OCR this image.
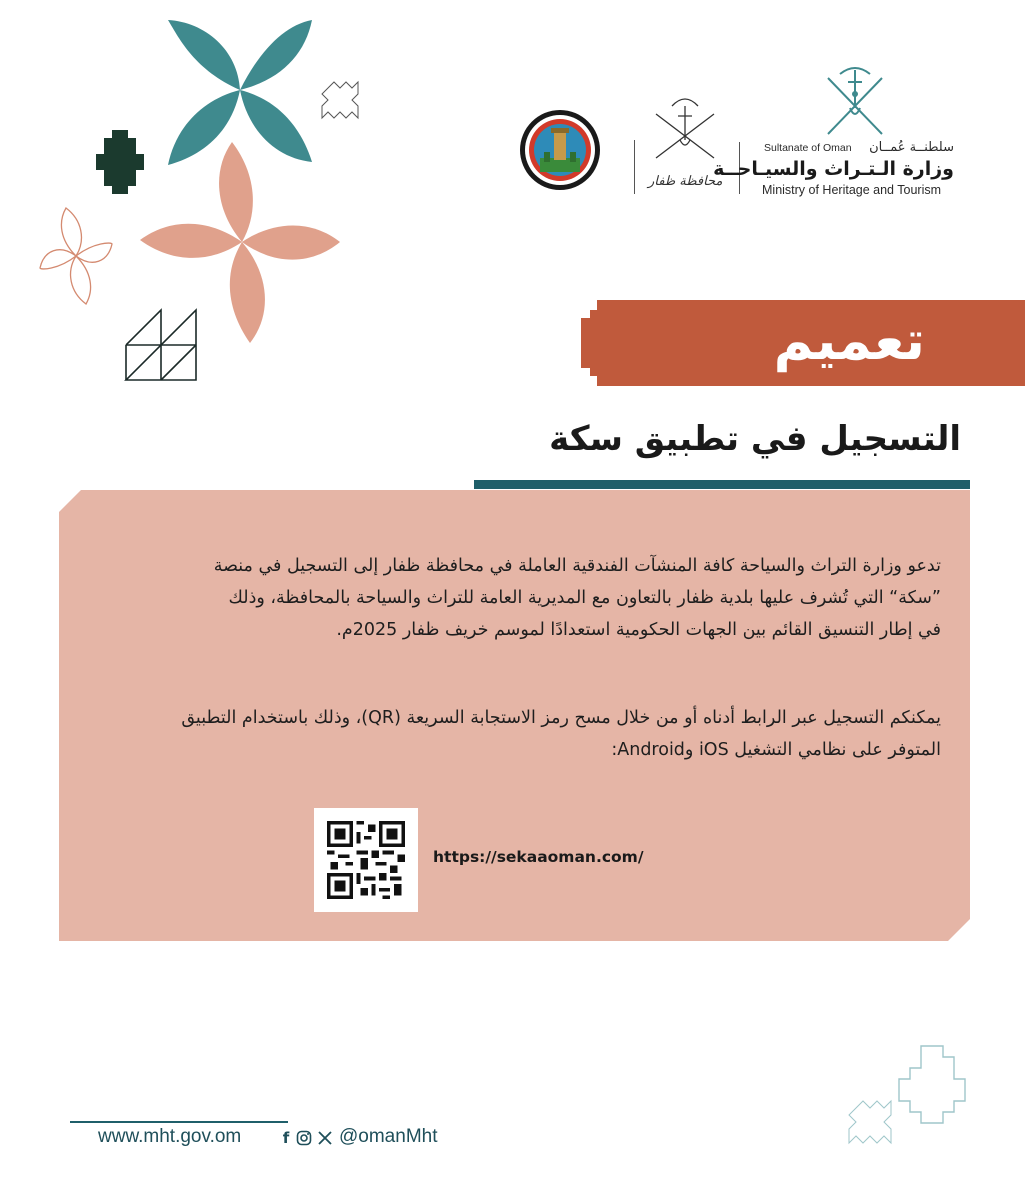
محافظة ظفار
Sultanate of Oman سلطنــة عُمــان
وزارة الـتـراث والسيـاحــة
Ministry of Heritage and Tourism
تعميم
التسجيل في تطبيق سكة
تدعو وزارة التراث والسياحة كافة المنشآت الفندقية العاملة في محافظة ظفار إلى التسجيل في منصة
”سكة“ التي تُشرف عليها بلدية ظفار بالتعاون مع المديرية العامة للتراث والسياحة بالمحافظة، وذلك
في إطار التنسيق القائم بين الجهات الحكومية استعدادًا لموسم خريف ظفار 2025م.
يمكنكم التسجيل عبر الرابط أدناه أو من خلال مسح رمز الاستجابة السريعة (QR)، وذلك باستخدام التطبيق
المتوفر على نظامي التشغيل iOS وAndroid:
https://sekaaoman.com/
www.mht.gov.om	f	@omanMht
